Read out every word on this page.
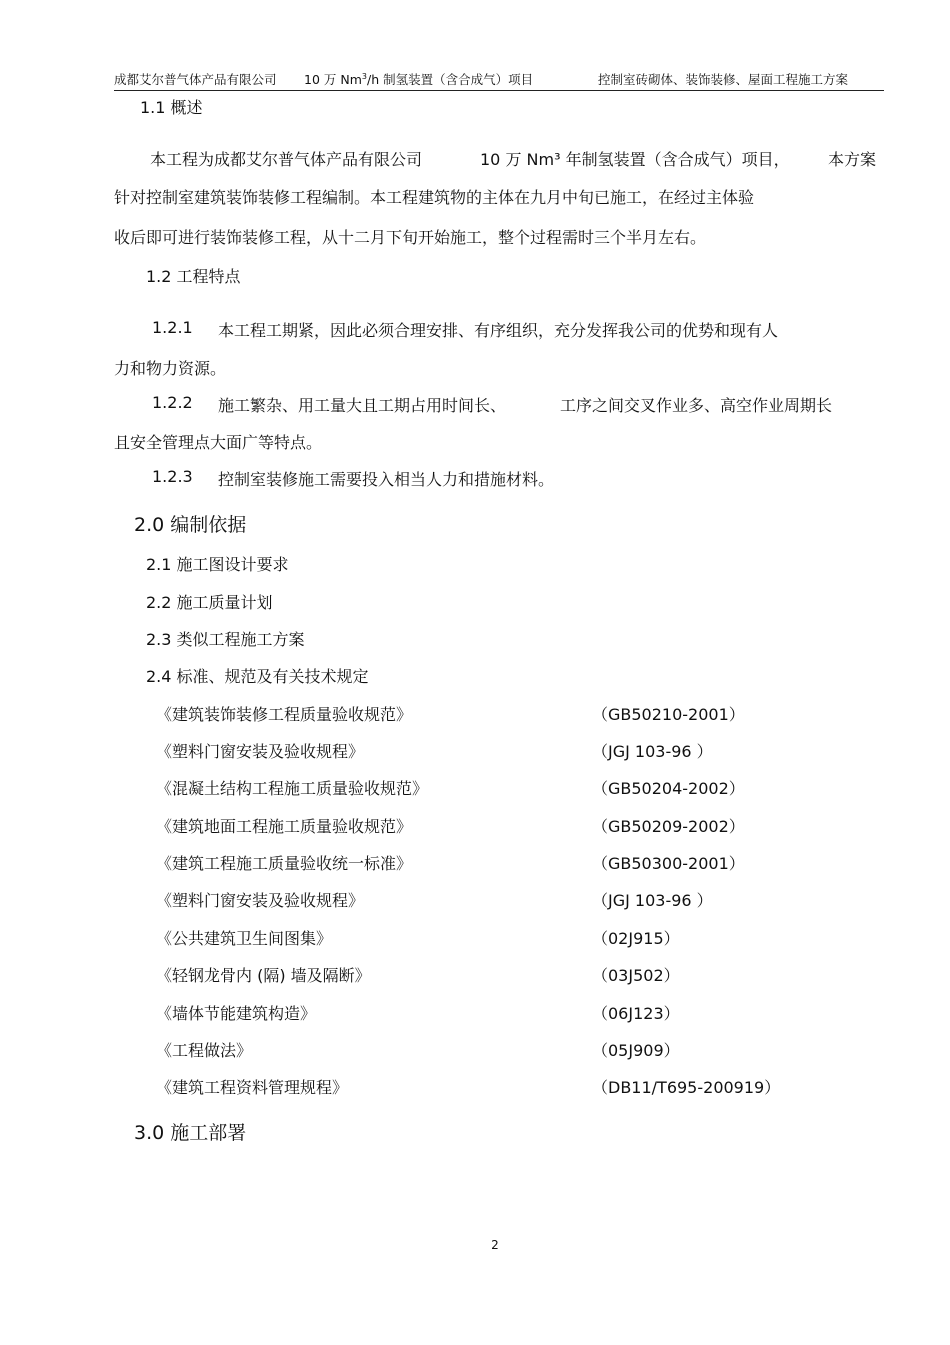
成都艾尔普气体产品有限公司 10 万 Nm$^3$/h 制氢装置（含合成气）项目	控制室砖砌体、装饰装修、屋面工程施工方案
1.1 概述
本工程为成都艾尔普气体产品有限公司	10 万 Nm³ 年制氢装置（含合成气）项目， 本方案
针对控制室建筑装饰装修工程编制。本工程建筑物的主体在九月中旬已施工，在经过主体验
收后即可进行装饰装修工程，从十二月下旬开始施工，整个过程需时三个半月左右。
1.2 工程特点
1.2.1 本工程工期紧，因此必须合理安排、有序组织，充分发挥我公司的优势和现有人
力和物力资源。
1.2.2 施工繁杂、用工量大且工期占用时间长、	工序之间交叉作业多、高空作业周期长
且安全管理点大面广等特点。
1.2.3 控制室装修施工需要投入相当人力和措施材料。
2.0 编制依据
2.1 施工图设计要求
2.2 施工质量计划
2.3 类似工程施工方案
2.4 标准、规范及有关技术规定
《建筑装饰装修工程质量验收规范》	（GB50210-2001）
《塑料门窗安装及验收规程》	（JGJ 103-96 ）
《混凝土结构工程施工质量验收规范》	（GB50204-2002）
《建筑地面工程施工质量验收规范》	（GB50209-2002）
《建筑工程施工质量验收统一标准》	（GB50300-2001）
《塑料门窗安装及验收规程》	（JGJ 103-96 ）
《公共建筑卫生间图集》	（02J915）
《轻钢龙骨内 (隔) 墙及隔断》	（03J502）
《墙体节能建筑构造》	（06J123）
《工程做法》	（05J909）
《建筑工程资料管理规程》	（DB11/T695-200919）
3.0 施工部署
2
